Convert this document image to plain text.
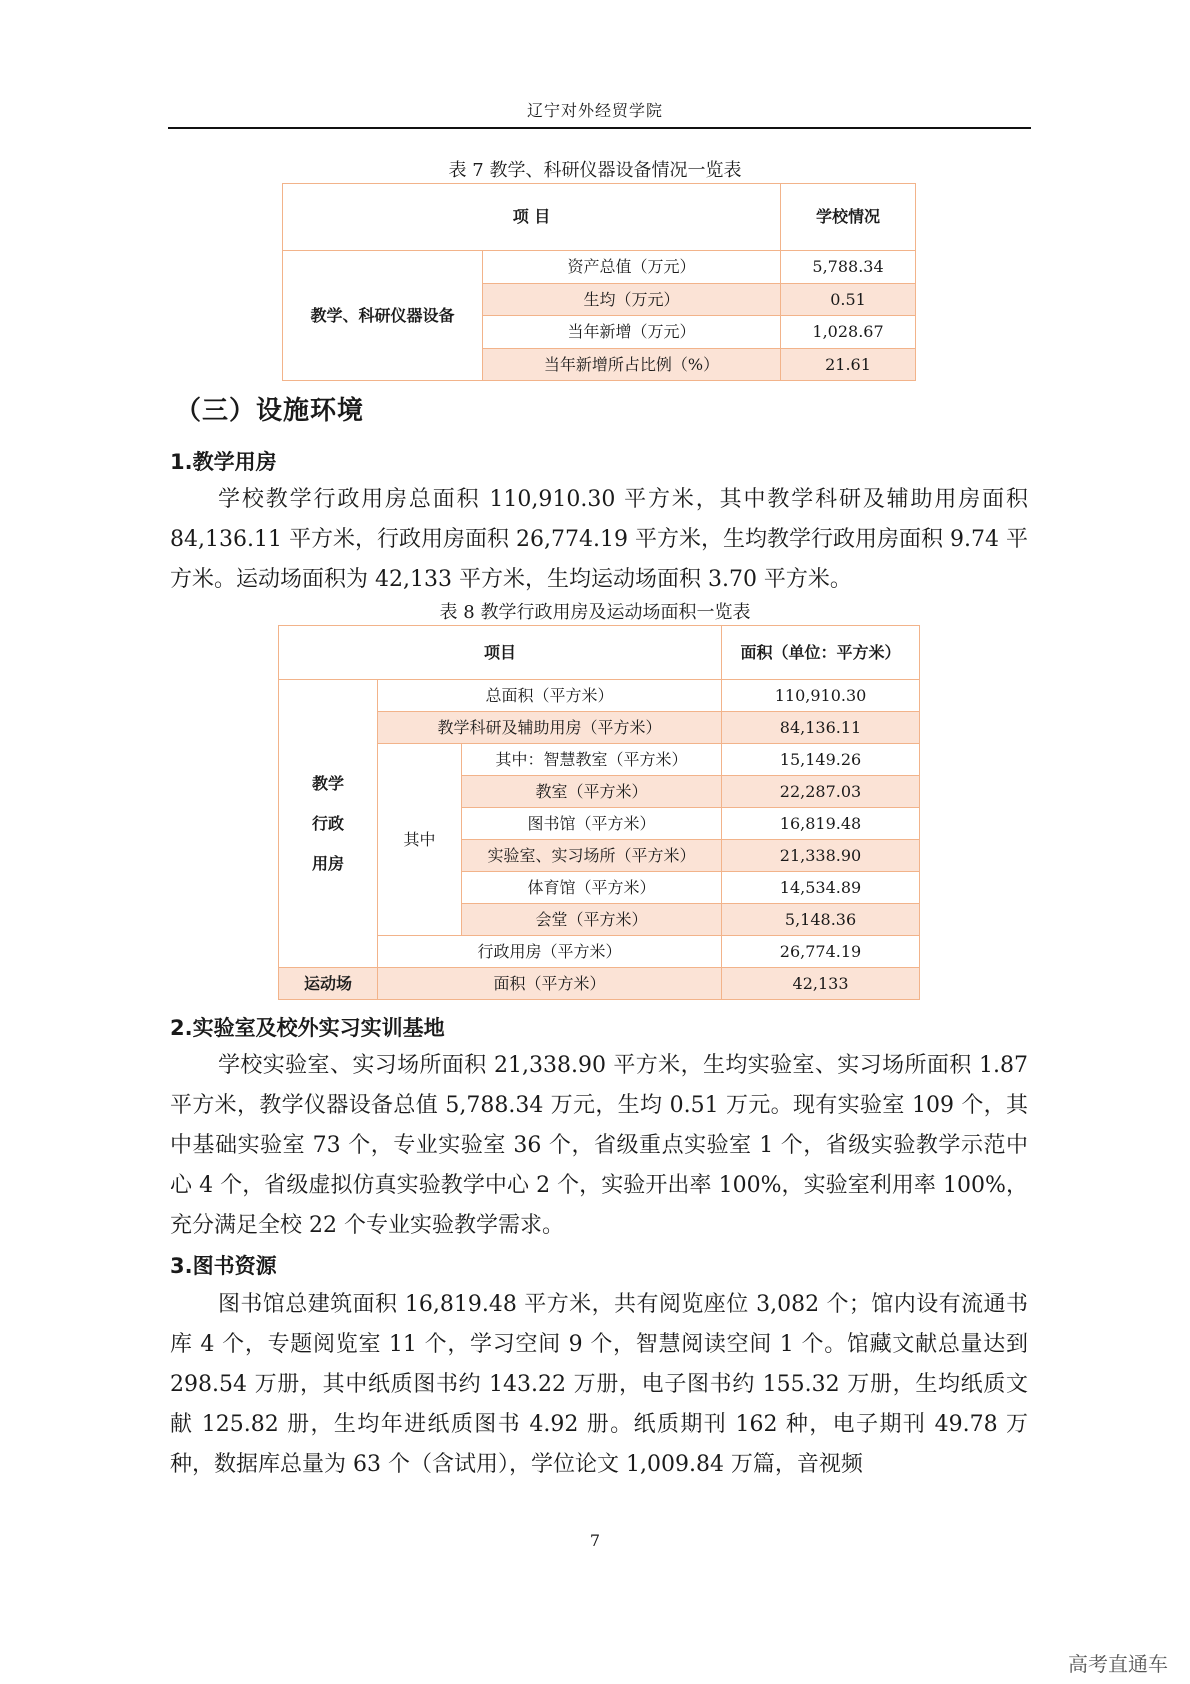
辽宁对外经贸学院
表 7 教学、科研仪器设备情况一览表
项 目		学校情况
教学、科研仪器设备	资产总值（万元）	5,788.34
	生均（万元）	0.51
	当年新增（万元）	1,028.67
	当年新增所占比例（%）	21.61
（三）设施环境
1.教学用房
学校教学行政用房总面积 110,910.30 平方米，其中教学科研及辅助用房面积 84,136.11 平方米，行政用房面积 26,774.19 平方米，生均教学行政用房面积 9.74 平方米。运动场面积为 42,133 平方米，生均运动场面积 3.70 平方米。
表 8 教学行政用房及运动场面积一览表
项目			面积（单位：平方米）

教学
行政
用房	总面积（平方米）		110,910.30
	教学科研及辅助用房（平方米）		84,136.11
	其中	其中：智慧教室（平方米）	15,149.26
		教室（平方米）	22,287.03
		图书馆（平方米）	16,819.48
		实验室、实习场所（平方米）	21,338.90
		体育馆（平方米）	14,534.89
		会堂（平方米）	5,148.36
	行政用房（平方米）		26,774.19
运动场	面积（平方米）		42,133
2.实验室及校外实习实训基地
学校实验室、实习场所面积 21,338.90 平方米，生均实验室、实习场所面积 1.87 平方米，教学仪器设备总值 5,788.34 万元，生均 0.51 万元。现有实验室 109 个，其中基础实验室 73 个，专业实验室 36 个，省级重点实验室 1 个，省级实验教学示范中心 4 个，省级虚拟仿真实验教学中心 2 个，实验开出率 100%，实验室利用率 100%，充分满足全校 22 个专业实验教学需求。
3.图书资源
图书馆总建筑面积 16,819.48 平方米，共有阅览座位 3,082 个；馆内设有流通书库 4 个，专题阅览室 11 个，学习空间 9 个，智慧阅读空间 1 个。馆藏文献总量达到 298.54 万册，其中纸质图书约 143.22 万册，电子图书约 155.32 万册，生均纸质文献 125.82 册，生均年进纸质图书 4.92 册。纸质期刊 162 种，电子期刊 49.78 万种，数据库总量为 63 个（含试用），学位论文 1,009.84 万篇，音视频
7
高考直通车
